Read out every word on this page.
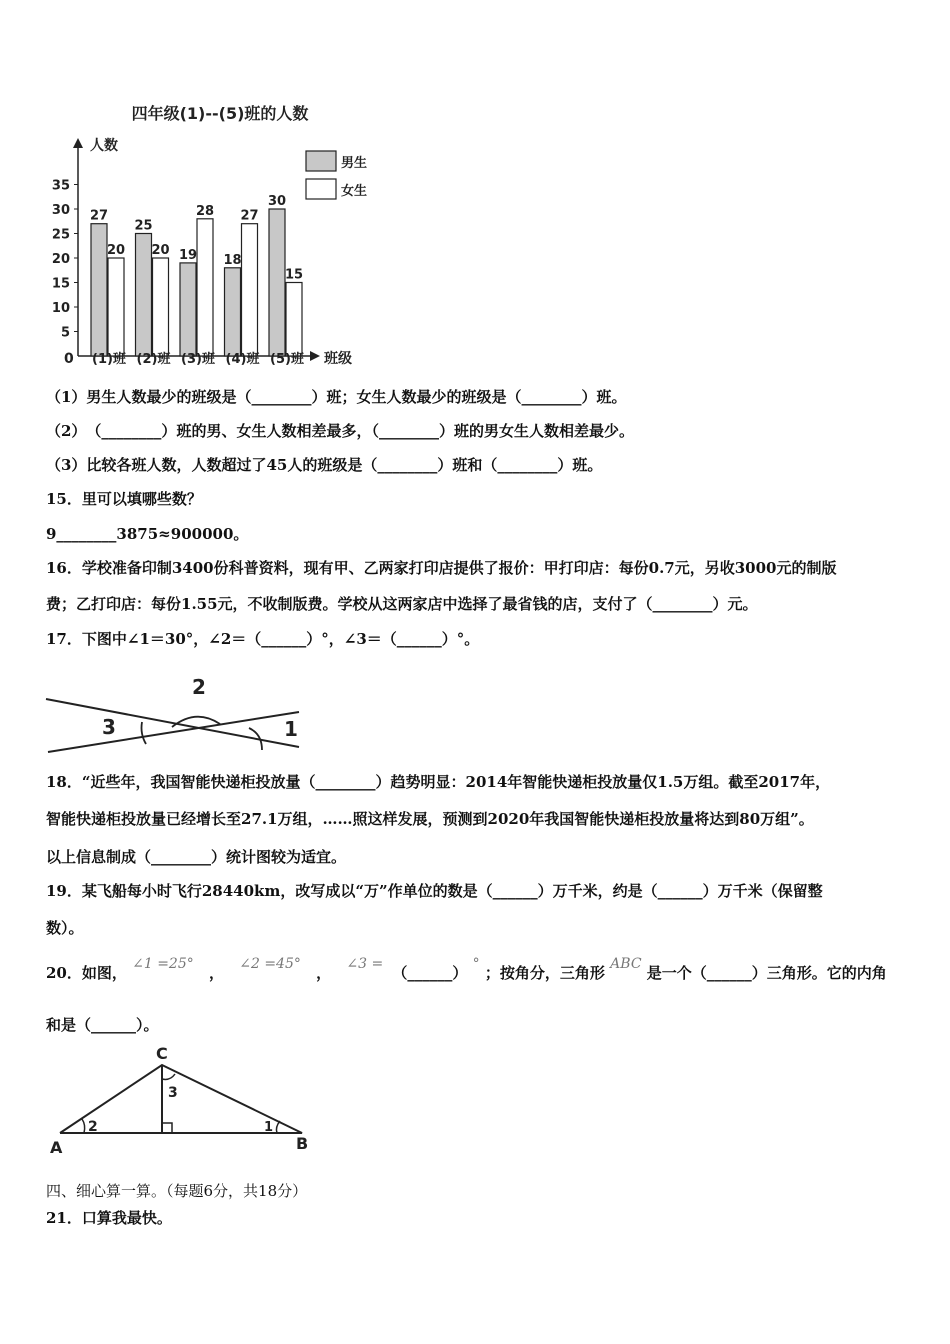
四年级(1)--(5)班的人数
人数
0
5
10
15
20
25
30
35
班级
27
20
(1)班
25
20
(2)班
19
28
(3)班
18
27
(4)班
30
15
(5)班
男生
女生
（1）男生人数最少的班级是（________）班；女生人数最少的班级是（________）班。
（2）　（________）班的男、女生人数相差最多，（________）班的男女生人数相差最少。
（3）比较各班人数，人数超过了45人的班级是（________）班和（________）班。
15．里可以填哪些数？
9________3875≈900000。
16．学校准备印制3400份科普资料，现有甲、乙两家打印店提供了报价：甲打印店：每份0.7元，另收3000元的制版
费；乙打印店：每份1.55元，不收制版费。学校从这两家店中选择了最省钱的店，支付了（________）元。
17．下图中∠1＝30°，∠2＝（______）°，∠3＝（______）°。
1
2
3
18．“近些年，我国智能快递柜投放量（________）趋势明显：2014年智能快递柜投放量仅1.5万组。截至2017年，
智能快递柜投放量已经增长至27.1万组，……照这样发展，预测到2020年我国智能快递柜投放量将达到80万组”。
以上信息制成（________）统计图较为适宜。
19．某飞船每小时飞行28440km，改写成以“万”作单位的数是（______）万千米，约是（______）万千米（保留整
数）。
20．如图， ∠1 =25° ， ∠2 =45° ， ∠3 = （______） ° ；按角分，三角形 ABC 是一个（______）三角形。它的内角
和是（______）。
C
A	B
1
2
3
四、细心算一算。（每题6分，共18分）
21．口算我最快。
